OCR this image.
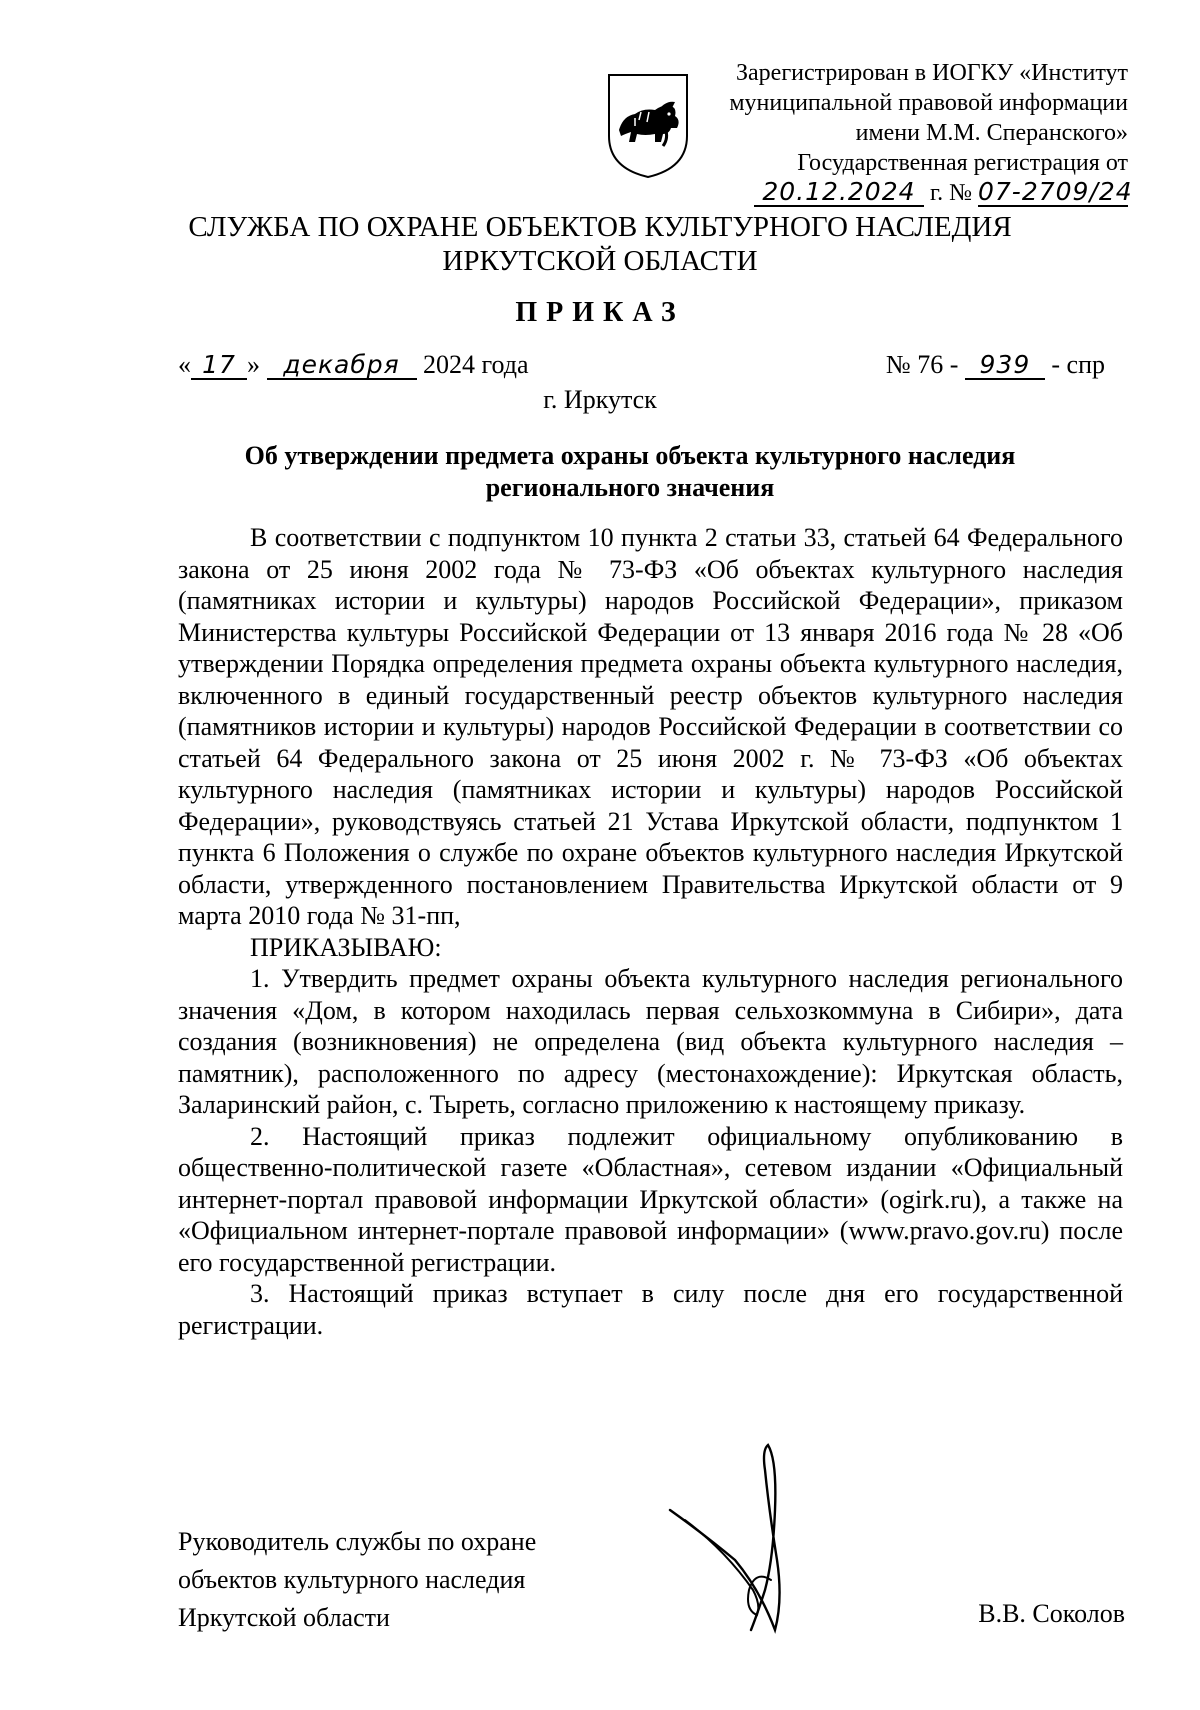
Зарегистрирован в ИОГКУ «Институт
муниципальной правовой информации
имени М.М. Сперанского»
Государственная регистрация от
20.12.2024 г. № 07-2709/24
СЛУЖБА ПО ОХРАНЕ ОБЪЕКТОВ КУЛЬТУРНОГО НАСЛЕДИЯ
ИРКУТСКОЙ ОБЛАСТИ
ПРИКАЗ
« 17 » декабря 2024 года	№ 76 - 939 - спр
г. Иркутск
Об утверждении предмета охраны объекта культурного наследия
регионального значения

В соответствии с подпунктом 10 пункта 2 статьи 33, статьей 64 Федерального закона от 25 июня 2002 года № 73-ФЗ «Об объектах культурного наследия (памятниках истории и культуры) народов Российской Федерации», приказом Министерства культуры Российской Федерации от 13 января 2016 года № 28 «Об утверждении Порядка определения предмета охраны объекта культурного наследия, включенного в единый государственный реестр объектов культурного наследия (памятников истории и культуры) народов Российской Федерации в соответствии со статьей 64 Федерального закона от 25 июня 2002 г. № 73-ФЗ «Об объектах культурного наследия (памятниках истории и культуры) народов Российской Федерации», руководствуясь статьей 21 Устава Иркутской области, подпунктом 1 пункта 6 Положения о службе по охране объектов культурного наследия Иркутской области, утвержденного постановлением Правительства Иркутской области от 9 марта 2010 года № 31-пп,

ПРИКАЗЫВАЮ:

1. Утвердить предмет охраны объекта культурного наследия регионального значения «Дом, в котором находилась первая сельхозкоммуна в Сибири», дата создания (возникновения) не определена (вид объекта культурного наследия – памятник), расположенного по адресу (местонахождение): Иркутская область, Заларинский район, с. Тыреть, согласно приложению к настоящему приказу.

2. Настоящий приказ подлежит официальному опубликованию в общественно-политической газете «Областная», сетевом издании «Официальный интернет-портал правовой информации Иркутской области» (ogirk.ru), а также на «Официальном интернет-портале правовой информации» (www.pravo.gov.ru) после его государственной регистрации.

3. Настоящий приказ вступает в силу после дня его государственной регистрации.

Руководитель службы по охране
объектов культурного наследия
Иркутской области	В.В. Соколов
